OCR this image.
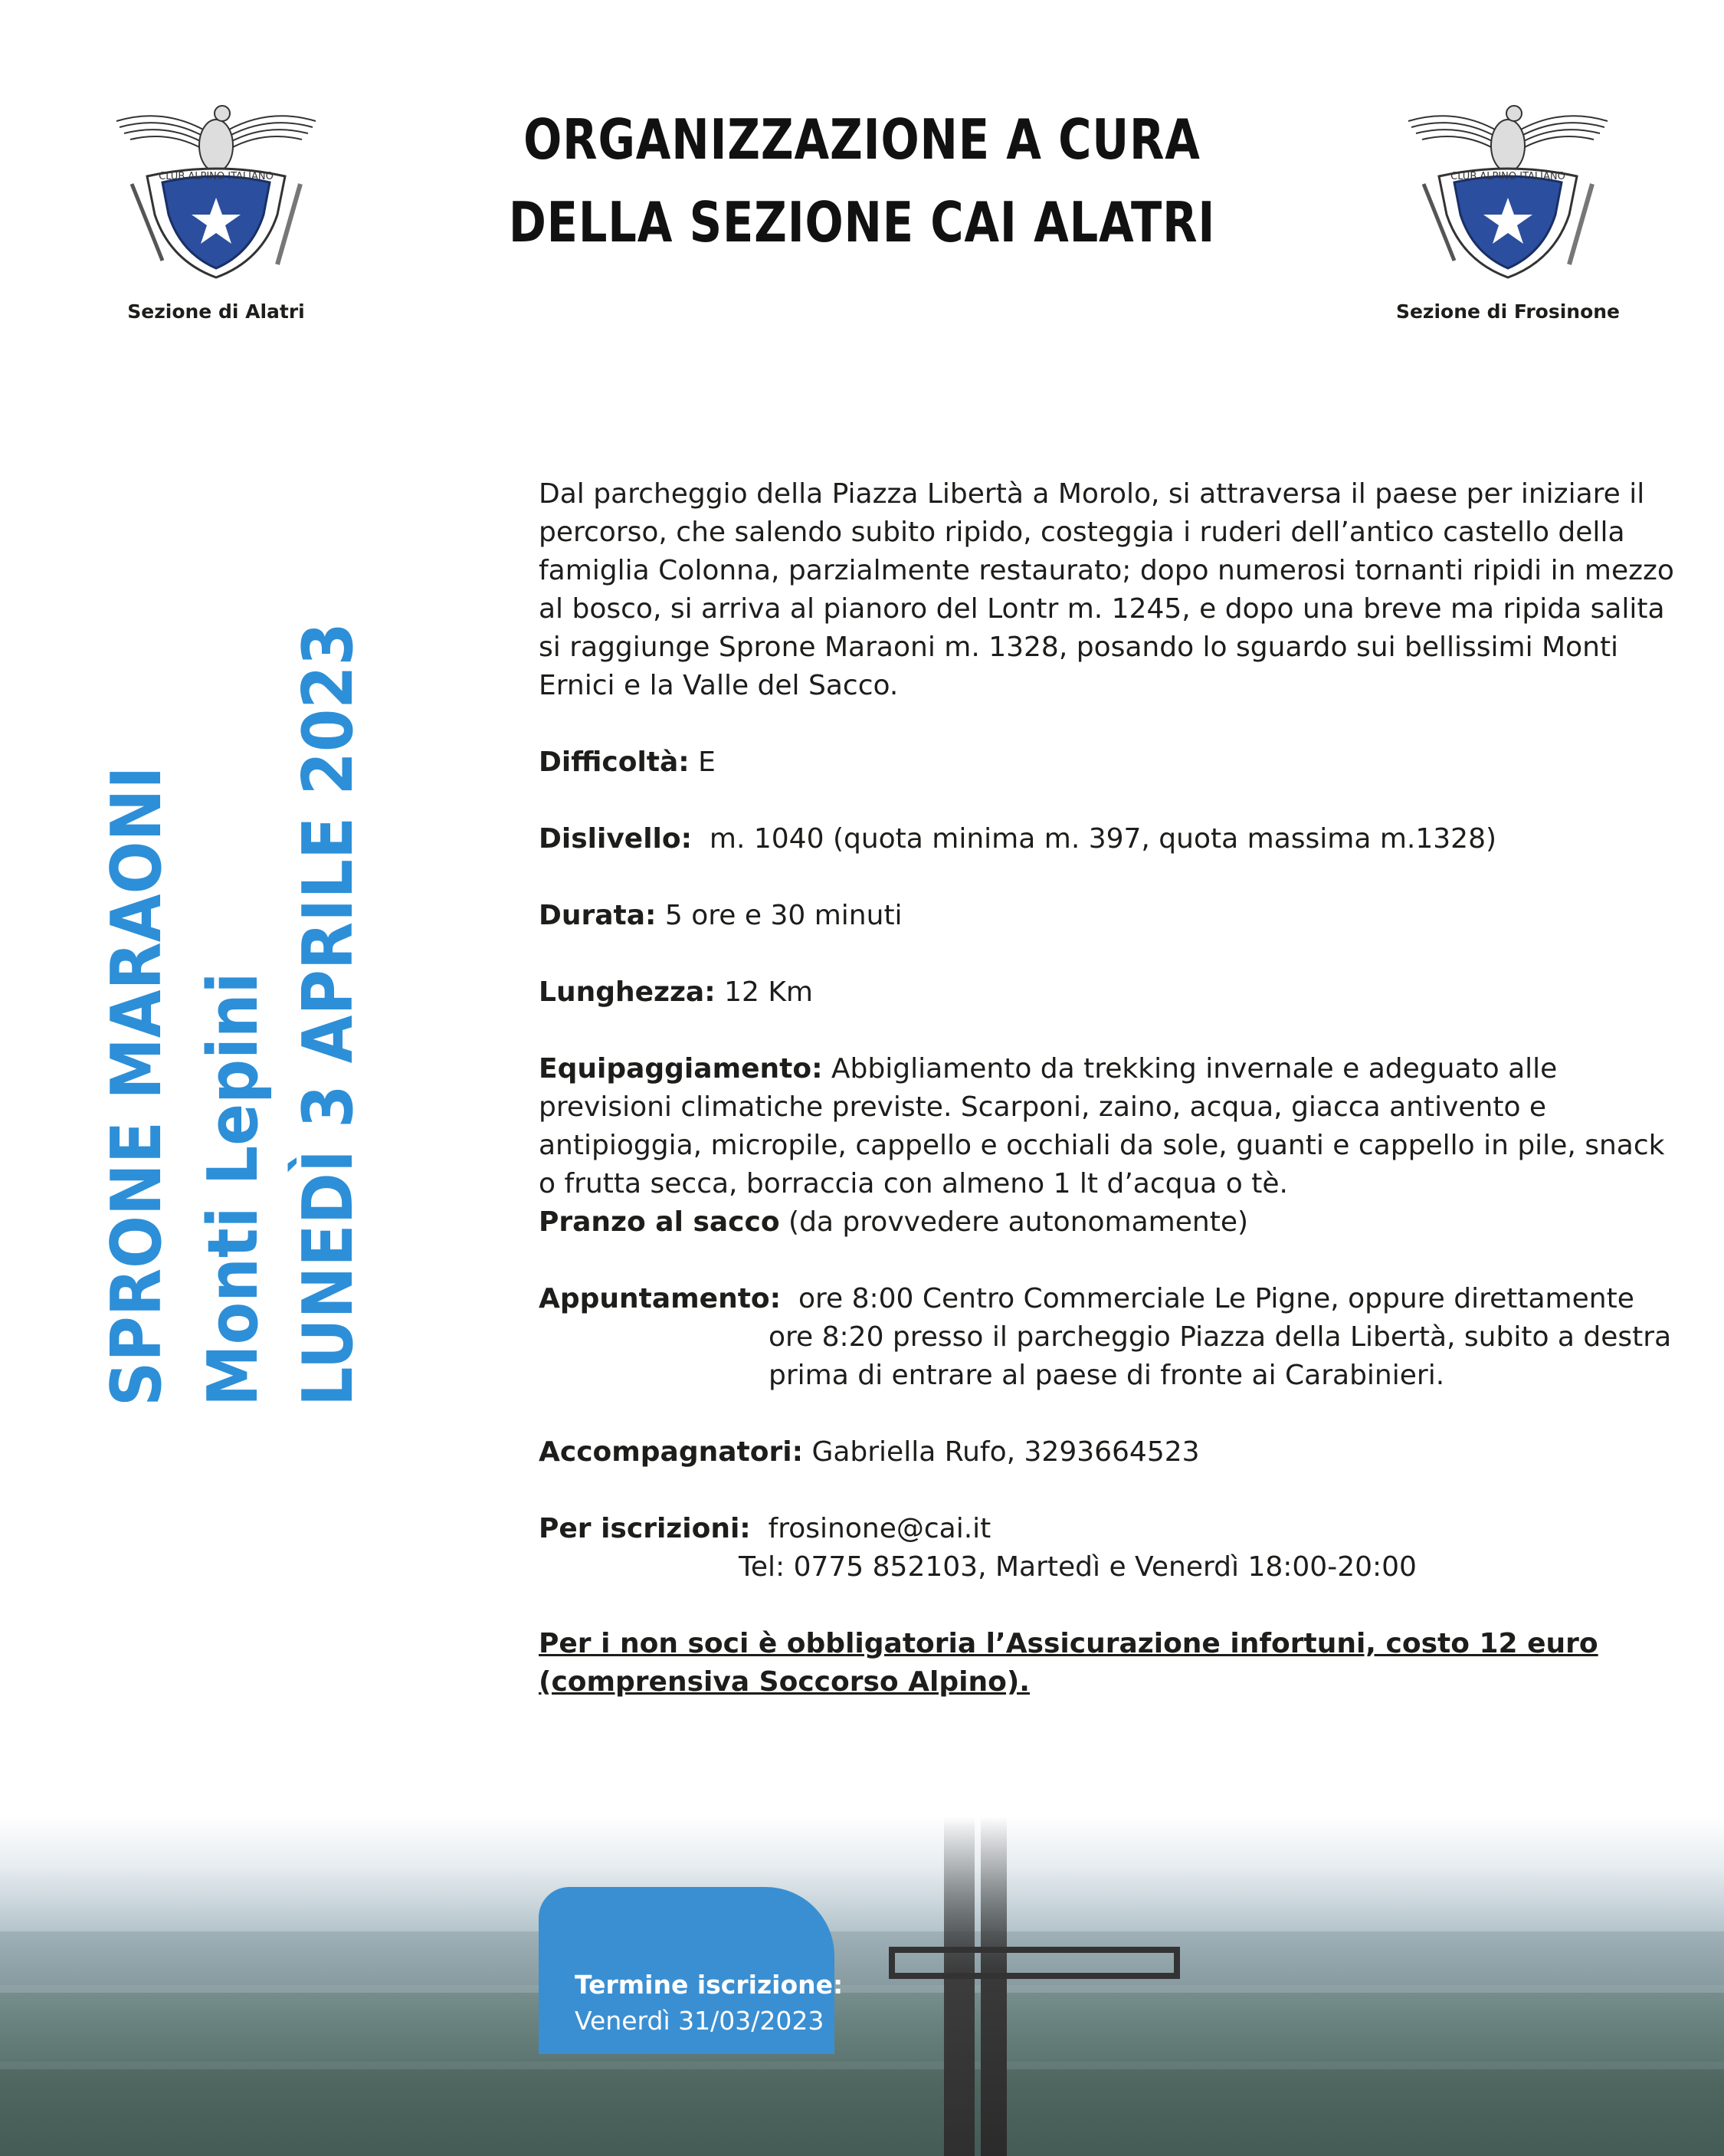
CLUB ALPINO ITALIANO
Sezione di Alatri
CLUB ALPINO ITALIANO
Sezione di Frosinone
ORGANIZZAZIONE A CURA
DELLA SEZIONE CAI ALATRI
SPRONE MARAONI Monti Lepini LUNEDÌ 3 APRILE 2023

Dal parcheggio della Piazza Libertà a Morolo, si attraversa il paese per iniziare il percorso, che salendo subito ripido, costeggia i ruderi dell’antico castello della famiglia Colonna, parzialmente restaurato; dopo numerosi tornanti ripidi in mezzo al bosco, si arriva al pianoro del Lontr m. 1245, e dopo una breve ma ripida salita si raggiunge Sprone Maraoni m. 1328, posando lo sguardo sui bellissimi Monti Ernici e la Valle del Sacco.

Difficoltà: E

Dislivello: m. 1040 (quota minima m. 397, quota massima m.1328)

Durata: 5 ore e 30 minuti

Lunghezza: 12 Km

Equipaggiamento: Abbigliamento da trekking invernale e adeguato alle previsioni climatiche previste. Scarponi, zaino, acqua, giacca antivento e antipioggia, micropile, cappello e occhiali da sole, guanti e cappello in pile, snack o frutta secca, borraccia con almeno 1 lt d’acqua o tè.
Pranzo al sacco (da provvedere autonomamente)

Appuntamento: ore 8:00 Centro Commerciale Le Pigne, oppure direttamente
ore 8:20 presso il parcheggio Piazza della Libertà, subito a destra
prima di entrare al paese di fronte ai Carabinieri.

Accompagnatori: Gabriella Rufo, 3293664523

Per iscrizioni: frosinone@cai.it
Tel: 0775 852103, Martedì e Venerdì 18:00-20:00

Per i non soci è obbligatoria l’Assicurazione infortuni, costo 12 euro
(comprensiva Soccorso Alpino).

Termine iscrizione:
Venerdì 31/03/2023
